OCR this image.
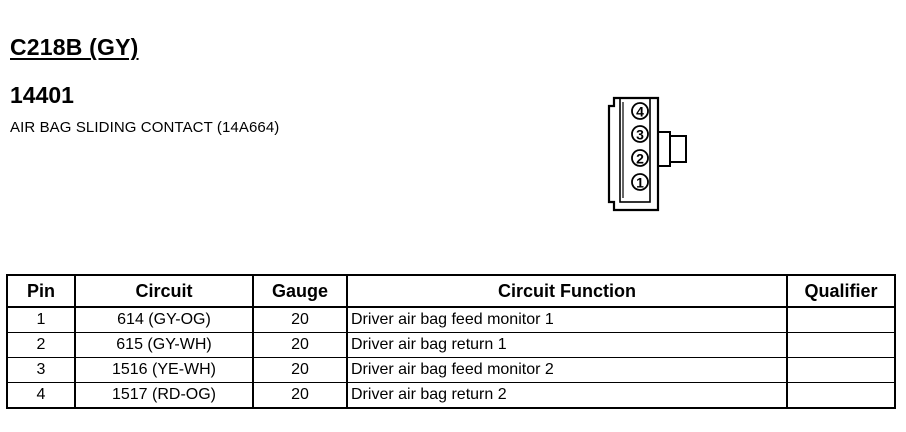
C218B (GY)
14401
AIR BAG SLIDING CONTACT (14A664)
4
3
2
1
Pin	Circuit	Gauge	Circuit Function	Qualifier
1	614 (GY-OG)	20	Driver air bag feed monitor 1	
2	615 (GY-WH)	20	Driver air bag return 1	
3	1516 (YE-WH)	20	Driver air bag feed monitor 2	
4	1517 (RD-OG)	20	Driver air bag return 2	
